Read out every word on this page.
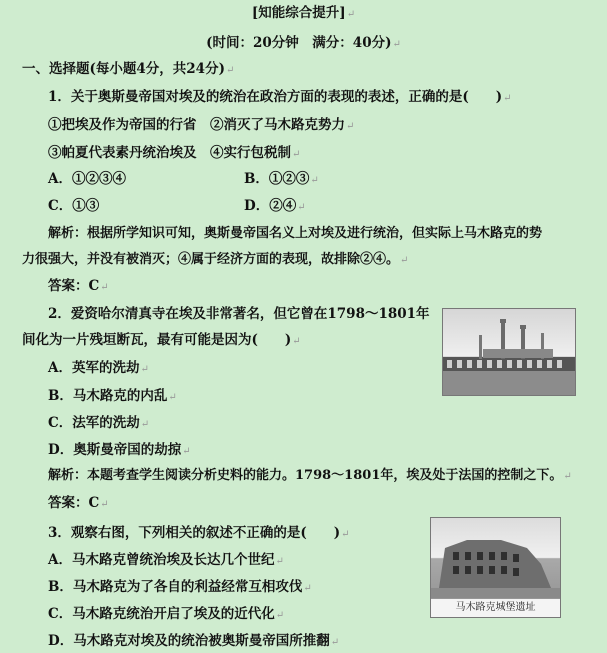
[知能综合提升]↵
(时间：20分钟　满分：40分)↵
一、选择题(每小题4分，共24分)↵
1．关于奥斯曼帝国对埃及的统治在政治方面的表现的表述，正确的是(　　)↵
①把埃及作为帝国的行省　②消灭了马木路克势力↵
③帕夏代表素丹统治埃及　④实行包税制↵
A．①②③④	B．①②③↵
C．①③	D．②④↵
解析：根据所学知识可知，奥斯曼帝国名义上对埃及进行统治，但实际上马木路克的势
力很强大，并没有被消灭；④属于经济方面的表现，故排除②④。↵
答案：C↵
2．爱资哈尔清真寺在埃及非常著名，但它曾在1798～1801年
间化为一片残垣断瓦，最有可能是因为(　　)↵
A．英军的洗劫↵
B．马木路克的内乱↵
C．法军的洗劫↵
D．奥斯曼帝国的劫掠↵
解析：本题考查学生阅读分析史料的能力。1798～1801年，埃及处于法国的控制之下。↵
答案：C↵
3．观察右图，下列相关的叙述不正确的是(　　)↵
A．马木路克曾统治埃及长达几个世纪↵
B．马木路克为了各自的利益经常互相攻伐↵
C．马木路克统治开启了埃及的近代化↵
D．马木路克对埃及的统治被奥斯曼帝国所推翻↵
马木路克城堡遗址
